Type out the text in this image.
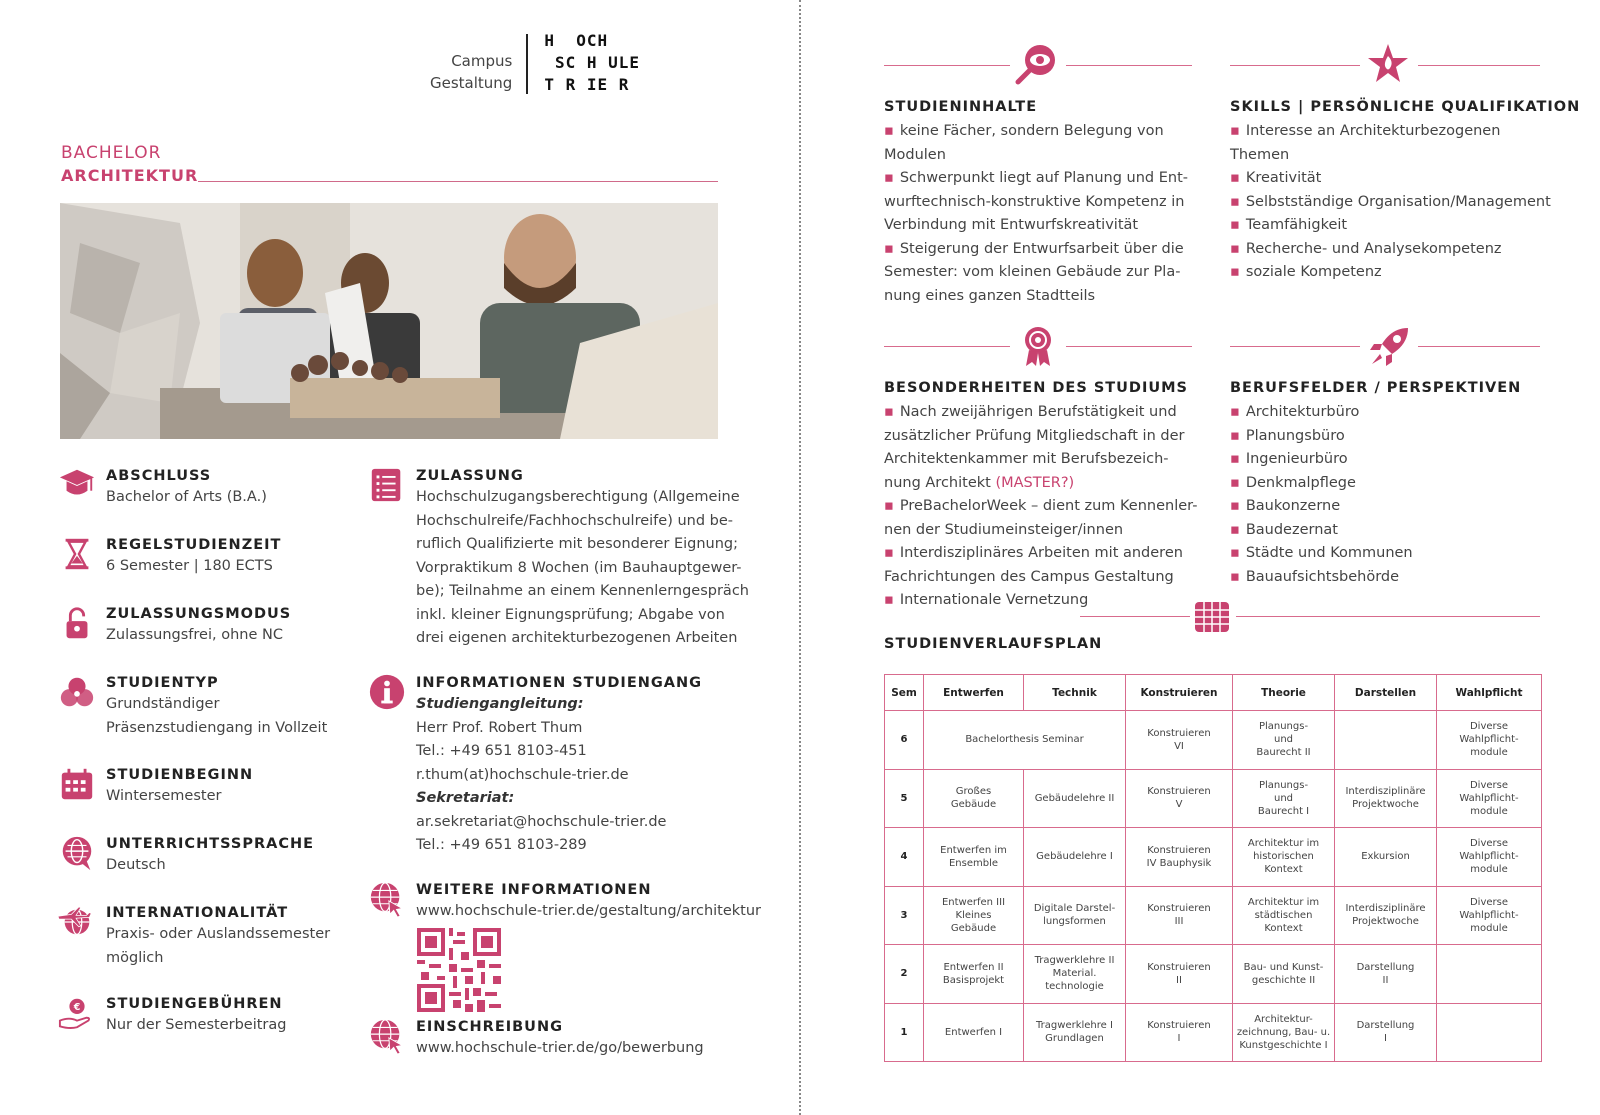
Campus
Gestaltung
H  OCH
SC H ULE
T R IE R
BACHELOR
ARCHITEKTUR
ABSCHLUSS

Bachelor of Arts (B.A.)

REGELSTUDIENZEIT

6 Semester | 180 ECTS

ZULASSUNGSMODUS

Zulassungsfrei, ohne NC

STUDIENTYP

Grundständiger

Präsenzstudiengang in Vollzeit

STUDIENBEGINN

Wintersemester

UNTERRICHTSSPRACHE

Deutsch

INTERNATIONALITÄT

Praxis- oder Auslandssemester

möglich

€ STUDIENGEBÜHREN

Nur der Semesterbeitrag

ZULASSUNG

Hochschulzugangsberechtigung (Allgemeine

Hochschulreife/Fachhochschulreife) und be-

ruflich Qualifizierte mit besonderer Eignung;

Vorpraktikum 8 Wochen (im Bauhauptgewer-

be); Teilnahme an einem Kennenlerngespräch

inkl. kleiner Eignungsprüfung; Abgabe von

drei eigenen architekturbezogenen Arbeiten

INFORMATIONEN STUDIENGANG

Studiengangleitung:

Herr Prof. Robert Thum

Tel.: +49 651 8103-451

r.thum(at)hochschule-trier.de

Sekretariat:

ar.sekretariat@hochschule-trier.de

Tel.: +49 651 8103-289

WEITERE INFORMATIONEN

www.hochschule-trier.de/gestaltung/architektur

EINSCHREIBUNG

www.hochschule-trier.de/go/bewerbung

STUDIENINHALTE
▪ keine Fächer, sondern Belegung von
Modulen
▪ Schwerpunkt liegt auf Planung und Ent-
wurftechnisch-konstruktive Kompetenz in
Verbindung mit Entwurfskreativität
▪ Steigerung der Entwurfsarbeit über die
Semester: vom kleinen Gebäude zur Pla-
nung eines ganzen Stadtteils
SKILLS | PERSÖNLICHE QUALIFIKATION
▪ Interesse an Architekturbezogenen
Themen
▪ Kreativität
▪ Selbstständige Organisation/Management
▪ Teamfähigkeit
▪ Recherche- und Analysekompetenz
▪ soziale Kompetenz
BESONDERHEITEN DES STUDIUMS
▪ Nach zweijährigen Berufstätigkeit und
zusätzlicher Prüfung Mitgliedschaft in der
Architektenkammer mit Berufsbezeich-
nung Architekt (MASTER?)
▪ PreBachelorWeek – dient zum Kennenler-
nen der Studiumeinsteiger/innen
▪ Interdisziplinäres Arbeiten mit anderen
Fachrichtungen des Campus Gestaltung
▪ Internationale Vernetzung
BERUFSFELDER / PERSPEKTIVEN
▪ Architekturbüro
▪ Planungsbüro
▪ Ingenieurbüro
▪ Denkmalpflege
▪ Baukonzerne
▪ Baudezernat
▪ Städte und Kommunen
▪ Bauaufsichtsbehörde
STUDIENVERLAUFSPLAN
Sem	Entwerfen	Technik	Konstruieren	Theorie	Darstellen	Wahlpflicht
6	Bachelorthesis Seminar		Konstruieren
VI	Planungs-
und
Baurecht II		Diverse
Wahlpflicht-
module
5	Großes
Gebäude	Gebäudelehre II	Konstruieren
V	Planungs-
und
Baurecht I	Interdisziplinäre
Projektwoche	Diverse
Wahlpflicht-
module
4	Entwerfen im
Ensemble	Gebäudelehre I	Konstruieren
IV Bauphysik	Architektur im
historischen
Kontext	Exkursion	Diverse
Wahlpflicht-
module
3	Entwerfen III
Kleines
Gebäude	Digitale Darstel-
lungsformen	Konstruieren
III	Architektur im
städtischen
Kontext	Interdisziplinäre
Projektwoche	Diverse
Wahlpflicht-
module
2	Entwerfen II
Basisprojekt	Tragwerklehre II
Material.
technologie	Konstruieren
II	Bau- und Kunst-
geschichte II	Darstellung
II	
1	Entwerfen I	Tragwerklehre I
Grundlagen	Konstruieren
I	Architektur-
zeichnung, Bau- u.
Kunstgeschichte I	Darstellung
I	
